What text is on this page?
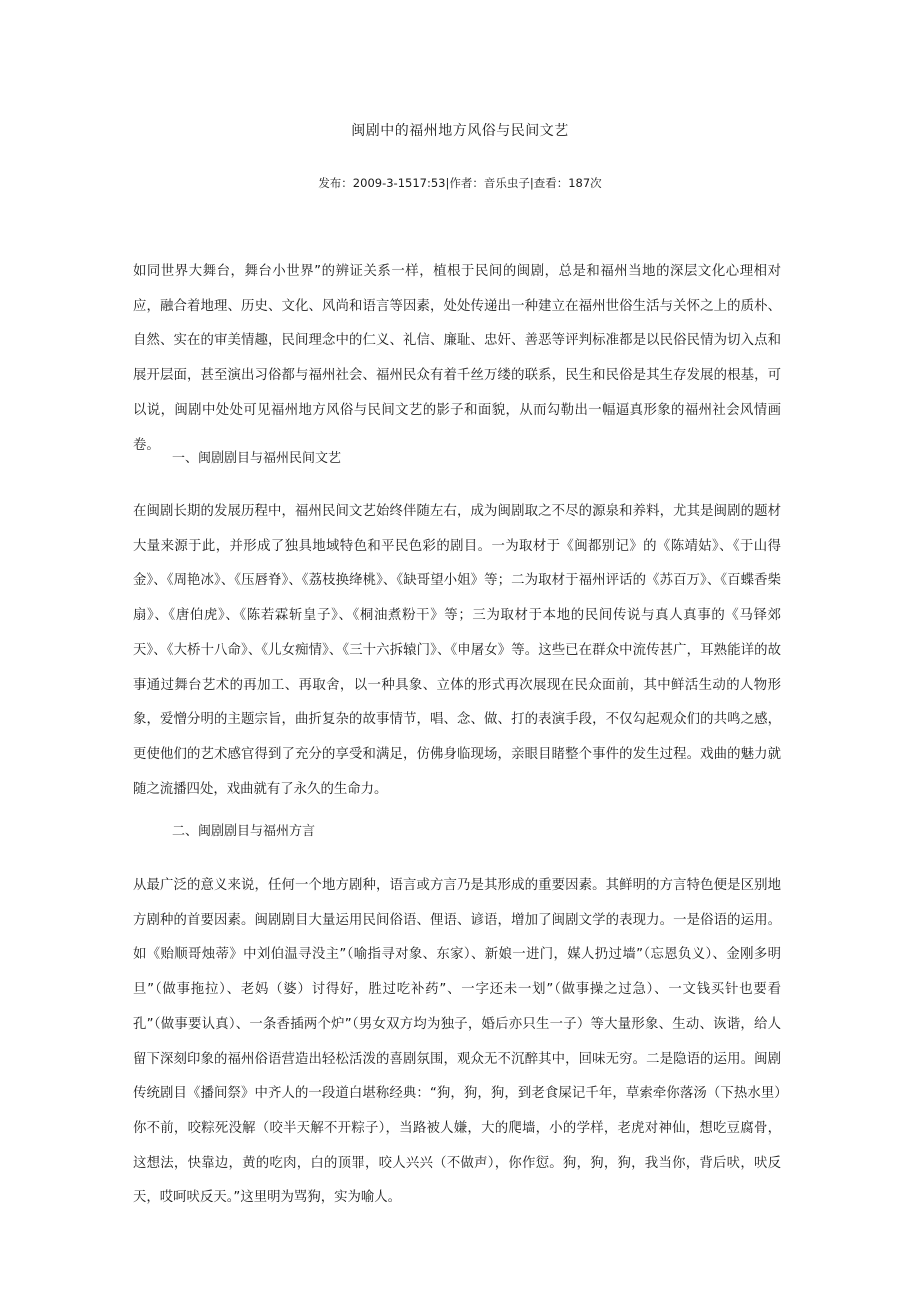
闽剧中的福州地方风俗与民间文艺
发布：2009-3-1517:53|作者：音乐虫子|查看：187次

如同世界大舞台，舞台小世界”的辨证关系一样，植根于民间的闽剧，总是和福州当地的深层文化心理相对应，融合着地理、历史、文化、风尚和语言等因素，处处传递出一种建立在福州世俗生活与关怀之上的质朴、自然、实在的审美情趣，民间理念中的仁义、礼信、廉耻、忠奸、善恶等评判标准都是以民俗民情为切入点和展开层面，甚至演出习俗都与福州社会、福州民众有着千丝万缕的联系，民生和民俗是其生存发展的根基，可以说，闽剧中处处可见福州地方风俗与民间文艺的影子和面貌，从而勾勒出一幅逼真形象的福州社会风情画卷。

一、闽剧剧目与福州民间文艺

在闽剧长期的发展历程中，福州民间文艺始终伴随左右，成为闽剧取之不尽的源泉和养料，尤其是闽剧的题材大量来源于此，并形成了独具地域特色和平民色彩的剧目。一为取材于《闽都别记》的《陈靖姑》、《于山得金》、《周艳冰》、《压唇脊》、《荔枝换绛桃》、《缺哥望小姐》等；二为取材于福州评话的《苏百万》、《百蝶香柴扇》、《唐伯虎》、《陈若霖斩皇子》、《桐油煮粉干》等；三为取材于本地的民间传说与真人真事的《马铎郊天》、《大桥十八命》、《儿女痴情》、《三十六拆辕门》、《申屠女》等。这些已在群众中流传甚广，耳熟能详的故事通过舞台艺术的再加工、再取舍，以一种具象、立体的形式再次展现在民众面前，其中鲜活生动的人物形象，爱憎分明的主题宗旨，曲折复杂的故事情节，唱、念、做、打的表演手段，不仅勾起观众们的共鸣之感，更使他们的艺术感官得到了充分的享受和满足，仿佛身临现场，亲眼目睹整个事件的发生过程。戏曲的魅力就随之流播四处，戏曲就有了永久的生命力。

二、闽剧剧目与福州方言

从最广泛的意义来说，任何一个地方剧种，语言或方言乃是其形成的重要因素。其鲜明的方言特色便是区别地方剧种的首要因素。闽剧剧目大量运用民间俗语、俚语、谚语，增加了闽剧文学的表现力。一是俗语的运用。如《贻顺哥烛蒂》中刘伯温寻没主”（喻指寻对象、东家）、新娘一进门，媒人扔过墙”（忘恩负义）、金刚多明旦”（做事拖拉）、老妈（婆）讨得好，胜过吃补药”、一字还未一划”（做事操之过急）、一文钱买针也要看孔”（做事要认真）、一条香插两个炉”（男女双方均为独子，婚后亦只生一子）等大量形象、生动、诙谐，给人留下深刻印象的福州俗语营造出轻松活泼的喜剧氛围，观众无不沉醉其中，回味无穷。二是隐语的运用。闽剧传统剧目《播间祭》中齐人的一段道白堪称经典：“狗，狗，狗，到老食屎记千年，草索牵你落汤（下热水里）你不前，咬粽死没解（咬半天解不开粽子），当路被人嫌，大的爬墙，小的学样，老虎对神仙，想吃豆腐骨，这想法，快靠边，黄的吃肉，白的顶罪，咬人兴兴（不做声），你作愆。狗，狗，狗，我当你，背后吠，吠反天，哎呵吠反天。”这里明为骂狗，实为喻人。
